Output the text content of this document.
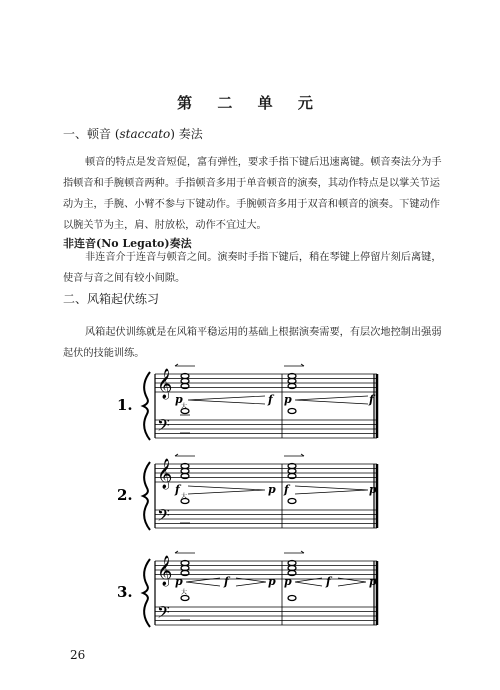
第 二 单 元
一、顿音 (staccato) 奏法
顿音的特点是发音短促，富有弹性，要求手指下键后迅速离键。顿音奏法分为手指顿音和手腕顿音两种。手指顿音多用于单音顿音的演奏，其动作特点是以掌关节运动为主，手腕、小臂不参与下键动作。手腕顿音多用于双音和顿音的演奏。下键动作以腕关节为主，肩、肘放松，动作不宜过大。
非连音(No Legato)奏法
非连音介于连音与顿音之间。演奏时手指下键后，稍在琴键上停留片刻后离键，使音与音之间有较小间隙。
二、风箱起伏练习
风箱起伏训练就是在风箱平稳运用的基础上根据演奏需要，有层次地控制出强弱起伏的技能训练。
1.
𝄞
𝄢
p	f p	f
大
2.
𝄞
𝄢
f	p f	p
大
3.
𝄞
𝄢
p	f	p p	f	p
大
26
